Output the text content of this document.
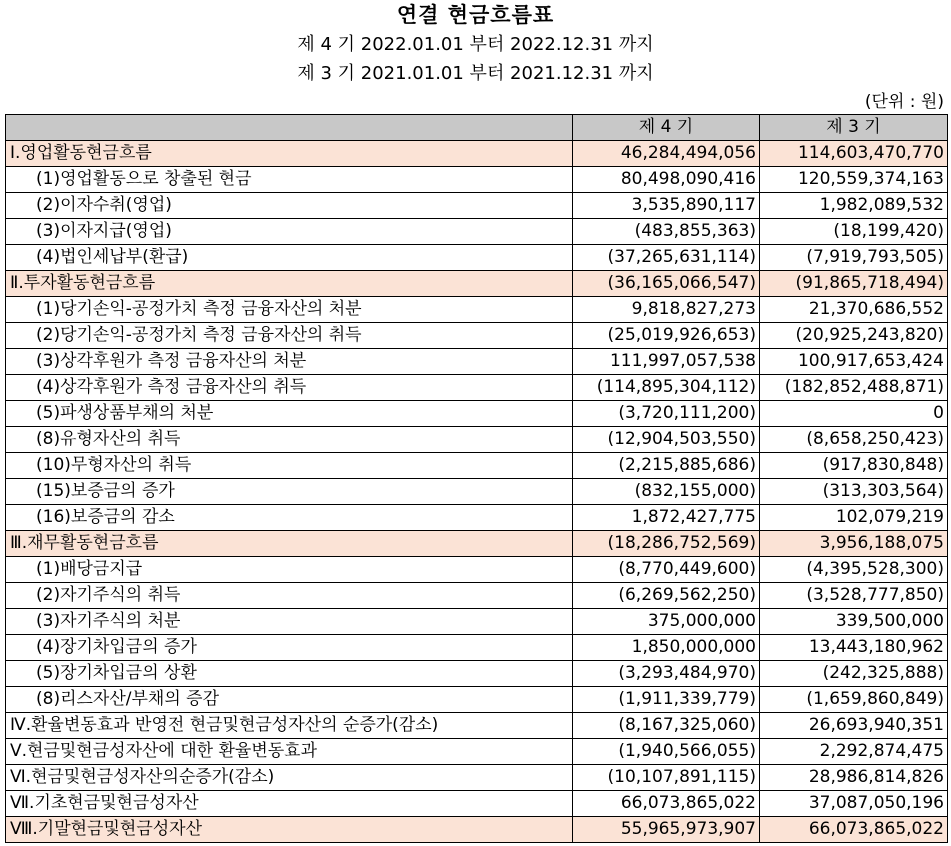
연결 현금흐름표
제 4 기 2022.01.01 부터 2022.12.31 까지
제 3 기 2021.01.01 부터 2021.12.31 까지
(단위 : 원)
	제 4 기	제 3 기
Ⅰ.영업활동현금흐름	46,284,494,056	114,603,470,770
(1)영업활동으로 창출된 현금	80,498,090,416	120,559,374,163
(2)이자수취(영업)	3,535,890,117	1,982,089,532
(3)이자지급(영업)	(483,855,363)	(18,199,420)
(4)법인세납부(환급)	(37,265,631,114)	(7,919,793,505)
Ⅱ.투자활동현금흐름	(36,165,066,547)	(91,865,718,494)
(1)당기손익-공정가치 측정 금융자산의 처분	9,818,827,273	21,370,686,552
(2)당기손익-공정가치 측정 금융자산의 취득	(25,019,926,653)	(20,925,243,820)
(3)상각후원가 측정 금융자산의 처분	111,997,057,538	100,917,653,424
(4)상각후원가 측정 금융자산의 취득	(114,895,304,112)	(182,852,488,871)
(5)파생상품부채의 처분	(3,720,111,200)	0
(8)유형자산의 취득	(12,904,503,550)	(8,658,250,423)
(10)무형자산의 취득	(2,215,885,686)	(917,830,848)
(15)보증금의 증가	(832,155,000)	(313,303,564)
(16)보증금의 감소	1,872,427,775	102,079,219
Ⅲ.재무활동현금흐름	(18,286,752,569)	3,956,188,075
(1)배당금지급	(8,770,449,600)	(4,395,528,300)
(2)자기주식의 취득	(6,269,562,250)	(3,528,777,850)
(3)자기주식의 처분	375,000,000	339,500,000
(4)장기차입금의 증가	1,850,000,000	13,443,180,962
(5)장기차입금의 상환	(3,293,484,970)	(242,325,888)
(8)리스자산/부채의 증감	(1,911,339,779)	(1,659,860,849)
Ⅳ.환율변동효과 반영전 현금및현금성자산의 순증가(감소)	(8,167,325,060)	26,693,940,351
Ⅴ.현금및현금성자산에 대한 환율변동효과	(1,940,566,055)	2,292,874,475
Ⅵ.현금및현금성자산의순증가(감소)	(10,107,891,115)	28,986,814,826
Ⅶ.기초현금및현금성자산	66,073,865,022	37,087,050,196
Ⅷ.기말현금및현금성자산	55,965,973,907	66,073,865,022
